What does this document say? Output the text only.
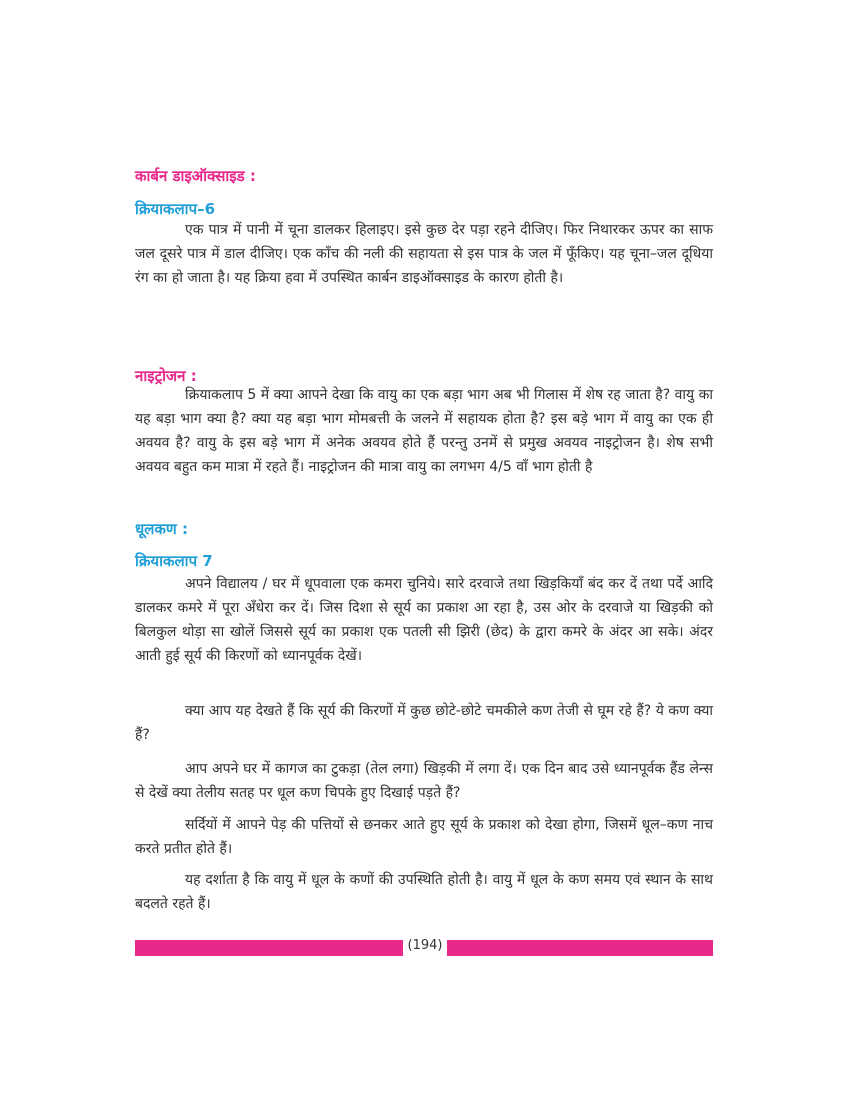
कार्बन डाइऑक्साइड :
क्रियाकलाप–6

एक पात्र में पानी में चूना डालकर हिलाइए। इसे कुछ देर पड़ा रहने दीजिए। फिर निथारकर ऊपर का साफ जल दूसरे पात्र में डाल दीजिए। एक काँच की नली की सहायता से इस पात्र के जल में फूँकिए। यह चूना–जल दूधिया रंग का हो जाता है। यह क्रिया हवा में उपस्थित कार्बन डाइऑक्साइड के कारण होती है।

नाइट्रोजन :

क्रियाकलाप 5 में क्या आपने देखा कि वायु का एक बड़ा भाग अब भी गिलास में शेष रह जाता है? वायु का यह बड़ा भाग क्या है? क्या यह बड़ा भाग मोमबत्ती के जलने में सहायक होता है? इस बड़े भाग में वायु का एक ही अवयव है? वायु के इस बड़े भाग में अनेक अवयव होते हैं परन्तु उनमें से प्रमुख अवयव नाइट्रोजन है। शेष सभी अवयव बहुत कम मात्रा में रहते हैं। नाइट्रोजन की मात्रा वायु का लगभग 4/5 वाँ भाग होती है

धूलकण :
क्रियाकलाप 7

अपने विद्यालय / घर में धूपवाला एक कमरा चुनिये। सारे दरवाजे तथा खिड़कियाँ बंद कर दें तथा पर्दे आदि डालकर कमरे में पूरा अँधेरा कर दें। जिस दिशा से सूर्य का प्रकाश आ रहा है, उस ओर के दरवाजे या खिड़की को बिलकुल थोड़ा सा खोलें जिससे सूर्य का प्रकाश एक पतली सी झिरी (छेद) के द्वारा कमरे के अंदर आ सके। अंदर आती हुई सूर्य की किरणों को ध्यानपूर्वक देखें।

क्या आप यह देखते हैं कि सूर्य की किरणों में कुछ छोटे-छोटे चमकीले कण तेजी से घूम रहे हैं? ये कण क्या हैं?

आप अपने घर में कागज का टुकड़ा (तेल लगा) खिड़की में लगा दें। एक दिन बाद उसे ध्यानपूर्वक हैंड लेन्स से देखें क्या तेलीय सतह पर धूल कण चिपके हुए दिखाई पड़ते हैं?

सर्दियों में आपने पेड़ की पत्तियों से छनकर आते हुए सूर्य के प्रकाश को देखा होगा, जिसमें धूल–कण नाच करते प्रतीत होते हैं।

यह दर्शाता है कि वायु में धूल के कणों की उपस्थिति होती है। वायु में धूल के कण समय एवं स्थान के साथ बदलते रहते हैं।

(194)
